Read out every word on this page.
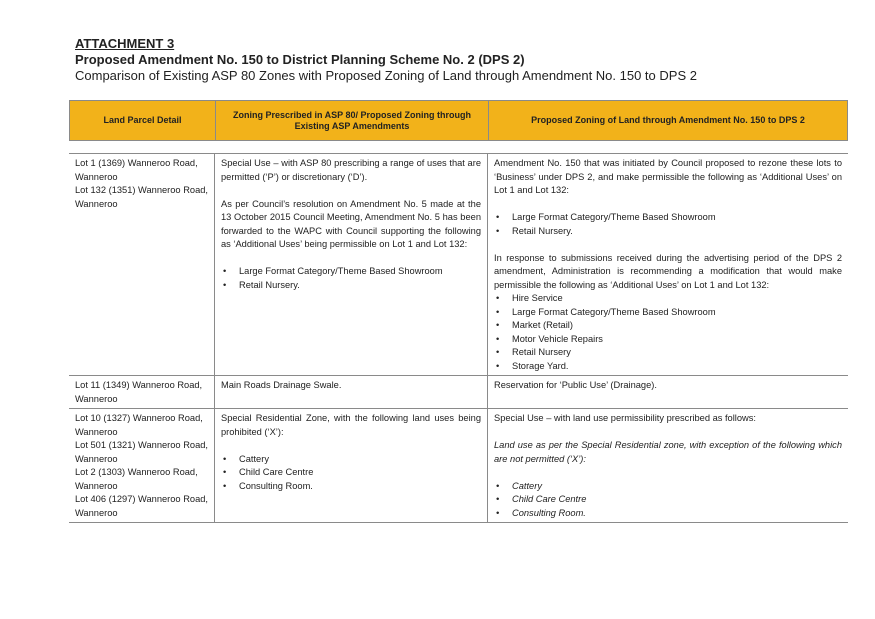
ATTACHMENT 3
Proposed Amendment No. 150 to District Planning Scheme No. 2 (DPS 2)
Comparison of Existing ASP 80 Zones with Proposed Zoning of Land through Amendment No. 150 to DPS 2
Land Parcel Detail
Zoning Prescribed in ASP 80/ Proposed Zoning through Existing ASP Amendments
Proposed Zoning of Land through Amendment No. 150 to DPS 2

Lot 1 (1369) Wanneroo Road, Wanneroo

Lot 132 (1351) Wanneroo Road, Wanneroo

Special Use – with ASP 80 prescribing a range of uses that are permitted (‘P’) or discretionary (‘D’).

As per Council’s resolution on Amendment No. 5 made at the 13 October 2015 Council Meeting, Amendment No. 5 has been forwarded to the WAPC with Council supporting the following as ‘Additional Uses’ being permissible on Lot 1 and Lot 132:

• Large Format Category/Theme Based Showroom
• Retail Nursery.

Amendment No. 150 that was initiated by Council proposed to rezone these lots to ‘Business’ under DPS 2, and make permissible the following as ‘Additional Uses’ on Lot 1 and Lot 132:

• Large Format Category/Theme Based Showroom
• Retail Nursery.

In response to submissions received during the advertising period of the DPS 2 amendment, Administration is recommending a modification that would make permissible the following as ‘Additional Uses’ on Lot 1 and Lot 132:

• Hire Service
• Large Format Category/Theme Based Showroom
• Market (Retail)
• Motor Vehicle Repairs
• Retail Nursery
• Storage Yard.

Lot 11 (1349) Wanneroo Road, Wanneroo

Main Roads Drainage Swale.	Reservation for ‘Public Use’ (Drainage).

Lot 10 (1327) Wanneroo Road, Wanneroo

Lot 501 (1321) Wanneroo Road, Wanneroo

Lot 2 (1303) Wanneroo Road, Wanneroo

Lot 406 (1297) Wanneroo Road, Wanneroo

Special Residential Zone, with the following land uses being prohibited (‘X’):

• Cattery
• Child Care Centre
• Consulting Room.

Special Use – with land use permissibility prescribed as follows:

Land use as per the Special Residential zone, with exception of the following which are not permitted (‘X’):

• Cattery
• Child Care Centre
• Consulting Room.
